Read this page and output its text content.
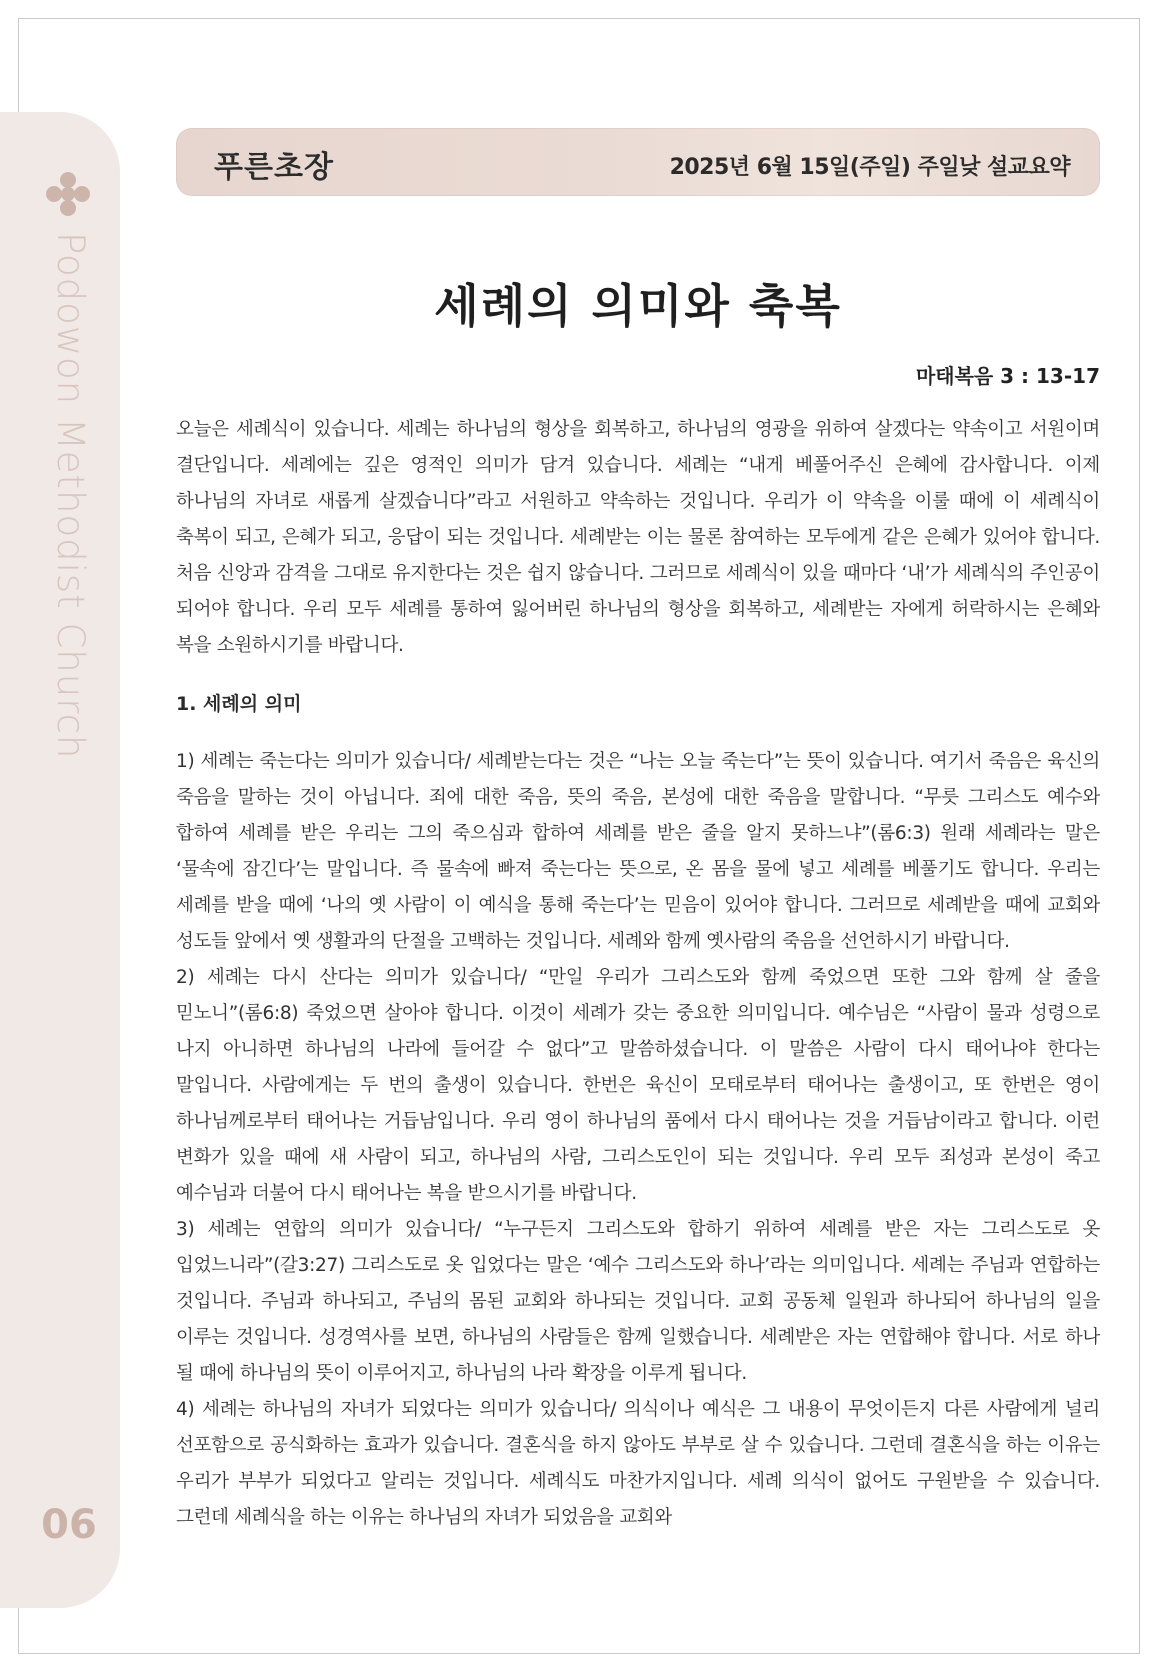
Podowon Methodist Church
06
푸른초장	2025년 6월 15일(주일) 주일낮 설교요약
세례의 의미와 축복
마태복음 3 : 13-17

오늘은 세례식이 있습니다. 세례는 하나님의 형상을 회복하고, 하나님의 영광을 위하여 살겠다는 약속이고 서원이며 결단입니다. 세례에는 깊은 영적인 의미가 담겨 있습니다. 세례는 “내게 베풀어주신 은혜에 감사합니다. 이제 하나님의 자녀로 새롭게 살겠습니다”라고 서원하고 약속하는 것입니다. 우리가 이 약속을 이룰 때에 이 세례식이 축복이 되고, 은혜가 되고, 응답이 되는 것입니다. 세례받는 이는 물론 참여하는 모두에게 같은 은혜가 있어야 합니다. 처음 신앙과 감격을 그대로 유지한다는 것은 쉽지 않습니다. 그러므로 세례식이 있을 때마다 ‘내’가 세례식의 주인공이 되어야 합니다. 우리 모두 세례를 통하여 잃어버린 하나님의 형상을 회복하고, 세례받는 자에게 허락하시는 은혜와 복을 소원하시기를 바랍니다.

1. 세례의 의미

1) 세례는 죽는다는 의미가 있습니다/ 세례받는다는 것은 “나는 오늘 죽는다”는 뜻이 있습니다. 여기서 죽음은 육신의 죽음을 말하는 것이 아닙니다. 죄에 대한 죽음, 뜻의 죽음, 본성에 대한 죽음을 말합니다. “무릇 그리스도 예수와 합하여 세례를 받은 우리는 그의 죽으심과 합하여 세례를 받은 줄을 알지 못하느냐”(롬6:3) 원래 세례라는 말은 ‘물속에 잠긴다’는 말입니다. 즉 물속에 빠져 죽는다는 뜻으로, 온 몸을 물에 넣고 세례를 베풀기도 합니다. 우리는 세례를 받을 때에 ‘나의 옛 사람이 이 예식을 통해 죽는다’는 믿음이 있어야 합니다. 그러므로 세례받을 때에 교회와 성도들 앞에서 옛 생활과의 단절을 고백하는 것입니다. 세례와 함께 옛사람의 죽음을 선언하시기 바랍니다.

2) 세례는 다시 산다는 의미가 있습니다/ “만일 우리가 그리스도와 함께 죽었으면 또한 그와 함께 살 줄을 믿노니”(롬6:8) 죽었으면 살아야 합니다. 이것이 세례가 갖는 중요한 의미입니다. 예수님은 “사람이 물과 성령으로 나지 아니하면 하나님의 나라에 들어갈 수 없다”고 말씀하셨습니다. 이 말씀은 사람이 다시 태어나야 한다는 말입니다. 사람에게는 두 번의 출생이 있습니다. 한번은 육신이 모태로부터 태어나는 출생이고, 또 한번은 영이 하나님께로부터 태어나는 거듭남입니다. 우리 영이 하나님의 품에서 다시 태어나는 것을 거듭남이라고 합니다. 이런 변화가 있을 때에 새 사람이 되고, 하나님의 사람, 그리스도인이 되는 것입니다. 우리 모두 죄성과 본성이 죽고 예수님과 더불어 다시 태어나는 복을 받으시기를 바랍니다.

3) 세례는 연합의 의미가 있습니다/ “누구든지 그리스도와 합하기 위하여 세례를 받은 자는 그리스도로 옷 입었느니라”(갈3:27) 그리스도로 옷 입었다는 말은 ‘예수 그리스도와 하나’라는 의미입니다. 세례는 주님과 연합하는 것입니다. 주님과 하나되고, 주님의 몸된 교회와 하나되는 것입니다. 교회 공동체 일원과 하나되어 하나님의 일을 이루는 것입니다. 성경역사를 보면, 하나님의 사람들은 함께 일했습니다. 세례받은 자는 연합해야 합니다. 서로 하나 될 때에 하나님의 뜻이 이루어지고, 하나님의 나라 확장을 이루게 됩니다.

4) 세례는 하나님의 자녀가 되었다는 의미가 있습니다/ 의식이나 예식은 그 내용이 무엇이든지 다른 사람에게 널리 선포함으로 공식화하는 효과가 있습니다. 결혼식을 하지 않아도 부부로 살 수 있습니다. 그런데 결혼식을 하는 이유는 우리가 부부가 되었다고 알리는 것입니다. 세례식도 마찬가지입니다. 세례 의식이 없어도 구원받을 수 있습니다. 그런데 세례식을 하는 이유는 하나님의 자녀가 되었음을 교회와
